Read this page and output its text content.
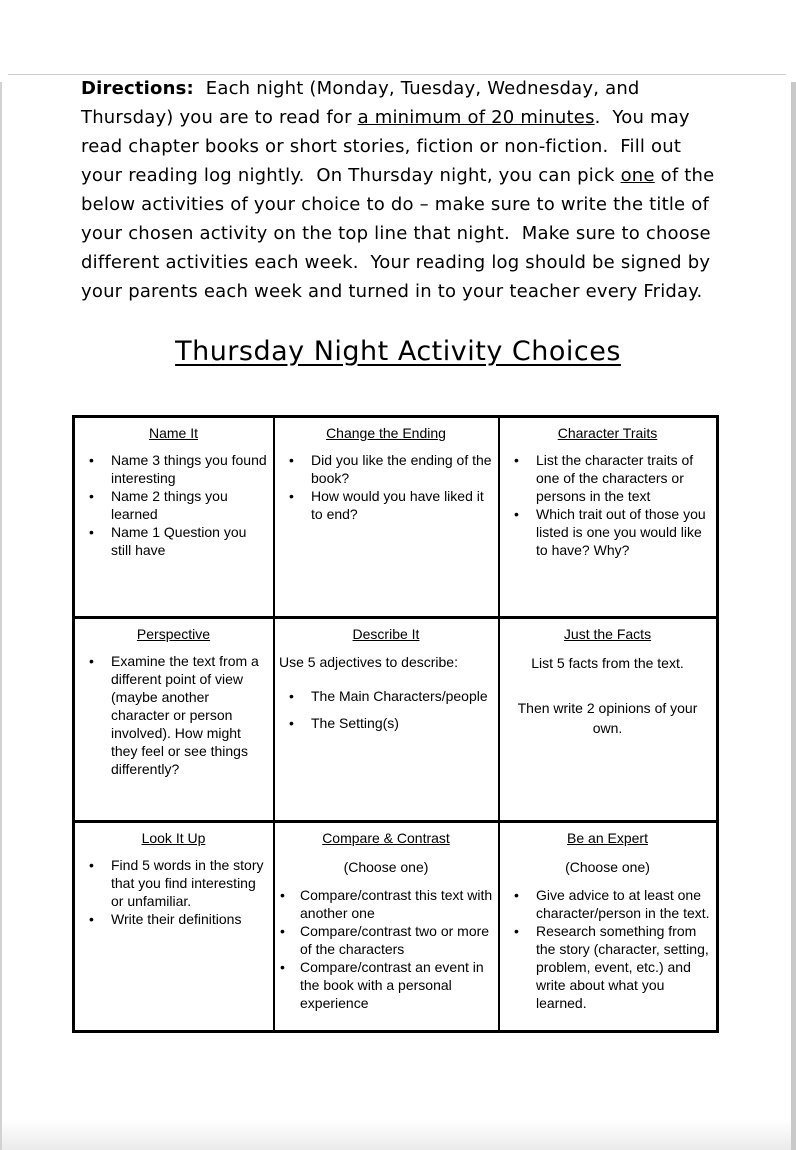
Directions:  Each night (Monday, Tuesday, Wednesday, and Thursday) you are to read for a minimum of 20 minutes.  You may read chapter books or short stories, fiction or non-fiction.  Fill out your reading log nightly.  On Thursday night, you can pick one of the below activities of your choice to do – make sure to write the title of your chosen activity on the top line that night.  Make sure to choose different activities each week.  Your reading log should be signed by your parents each week and turned in to your teacher every Friday.

Thursday Night Activity Choices
Name It
•	Name 3 things you found interesting
•	Name 2 things you learned
•	Name 1 Question you still have
Change the Ending
•	Did you like the ending of the book?
•	How would you have liked it to end?
Character Traits
•	List the character traits of one of the characters or persons in the text
•	Which trait out of those you listed is one you would like to have? Why?
Perspective
•	Examine the text from a different point of view (maybe another character or person involved). How might they feel or see things differently?
Describe It
Use 5 adjectives to describe:
•	The Main Characters/people
•	The Setting(s)
Just the Facts
List 5 facts from the text.
Then write 2 opinions of your own.
Look It Up
•	Find 5 words in the story that you find interesting or unfamiliar.
•	Write their definitions
Compare & Contrast
(Choose one)
•	Compare/contrast this text with another one
•	Compare/contrast two or more of the characters
•	Compare/contrast an event in the book with a personal experience
Be an Expert
(Choose one)
•	Give advice to at least one character/person in the text.
•	Research something from the story (character, setting, problem, event, etc.) and write about what you learned.
